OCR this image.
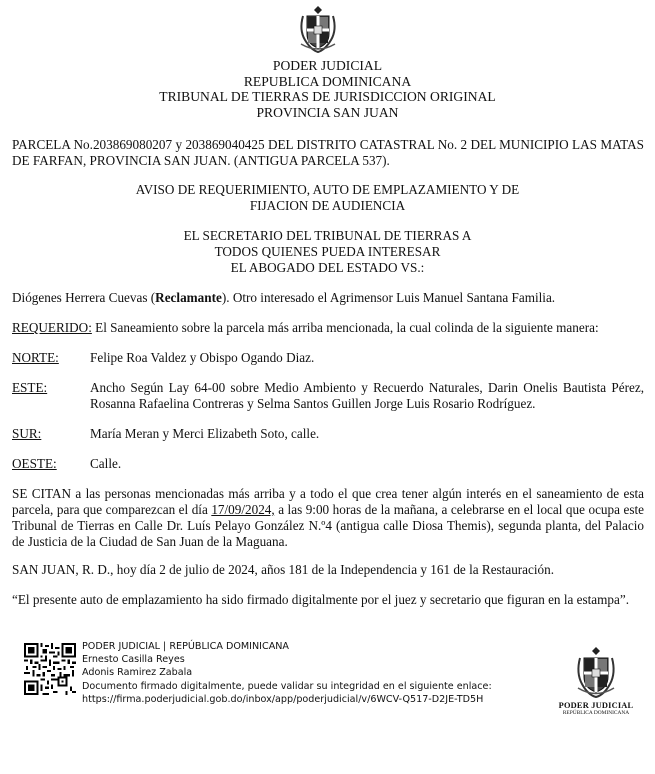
PODER JUDICIAL
REPUBLICA DOMINICANA
TRIBUNAL DE TIERRAS DE JURISDICCION ORIGINAL
PROVINCIA SAN JUAN
PARCELA No.203869080207 y 203869040425 DEL DISTRITO CATASTRAL No. 2 DEL MUNICIPIO LAS MATAS DE FARFAN, PROVINCIA SAN JUAN. (ANTIGUA PARCELA 537).
AVISO DE REQUERIMIENTO, AUTO DE EMPLAZAMIENTO Y DE
FIJACION DE AUDIENCIA
EL SECRETARIO DEL TRIBUNAL DE TIERRAS A
TODOS QUIENES PUEDA INTERESAR
EL ABOGADO DEL ESTADO VS.:
Diógenes Herrera Cuevas (Reclamante). Otro interesado el Agrimensor Luis Manuel Santana Familia.
REQUERIDO: El Saneamiento sobre la parcela más arriba mencionada, la cual colinda de la siguiente manera:
NORTE: Felipe Roa Valdez y Obispo Ogando Diaz.
ESTE:	Ancho Según Lay 64-00 sobre Medio Ambiento y Recuerdo Naturales, Darin Onelis Bautista Pérez, Rosanna Rafaelina Contreras y Selma Santos Guillen Jorge Luis Rosario Rodríguez.
SUR:	María Meran y Merci Elizabeth Soto, calle.
OESTE:	Calle.
SE CITAN a las personas mencionadas más arriba y a todo el que crea tener algún interés en el saneamiento de esta parcela, para que comparezcan el día 17/09/2024, a las 9:00 horas de la mañana, a celebrarse en el local que ocupa este Tribunal de Tierras en Calle Dr. Luís Pelayo González N.º4 (antigua calle Diosa Themis), segunda planta, del Palacio de Justicia de la Ciudad de San Juan de la Maguana.
SAN JUAN, R. D., hoy día 2 de julio de 2024, años 181 de la Independencia y 161 de la Restauración.
“El presente auto de emplazamiento ha sido firmado digitalmente por el juez y secretario que figuran en la estampa”.
PODER JUDICIAL | REPÚBLICA DOMINICANA
Ernesto Casilla Reyes
Adonis Ramirez Zabala
Documento firmado digitalmente, puede validar su integridad en el siguiente enlace:
https://firma.poderjudicial.gob.do/inbox/app/poderjudicial/v/6WCV-Q517-D2JE-TD5H
PODER JUDICIAL
REPÚBLICA DOMINICANA
